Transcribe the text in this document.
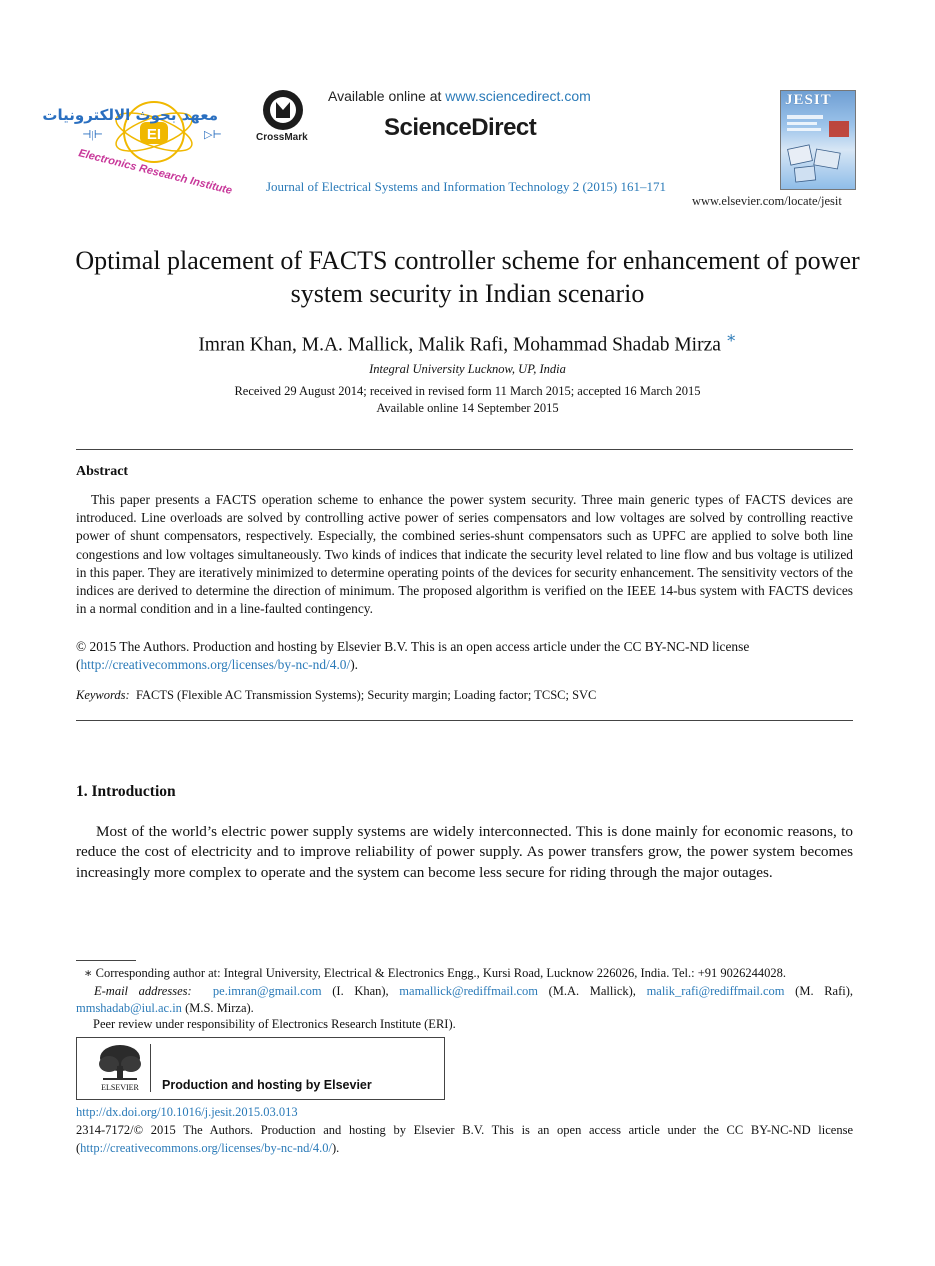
EI
⊣|⊢	▷⊢
معهد بحوث الالكترونيات
Electronics Research Institute
CrossMark
Available online at www.sciencedirect.com
ScienceDirect
Journal of Electrical Systems and Information Technology 2 (2015) 161–171
JESIT
www.elsevier.com/locate/jesit
Optimal placement of FACTS controller scheme for enhancement of power system security in Indian scenario
Imran Khan, M.A. Mallick, Malik Rafi, Mohammad Shadab Mirza ∗
Integral University Lucknow, UP, India
Received 29 August 2014; received in revised form 11 March 2015; accepted 16 March 2015
Available online 14 September 2015
Abstract
This paper presents a FACTS operation scheme to enhance the power system security. Three main generic types of FACTS devices are introduced. Line overloads are solved by controlling active power of series compensators and low voltages are solved by controlling reactive power of shunt compensators, respectively. Especially, the combined series-shunt compensators such as UPFC are applied to solve both line congestions and low voltages simultaneously. Two kinds of indices that indicate the security level related to line flow and bus voltage is utilized in this paper. They are iteratively minimized to determine operating points of the devices for security enhancement. The sensitivity vectors of the indices are derived to determine the direction of minimum. The proposed algorithm is verified on the IEEE 14-bus system with FACTS devices in a normal condition and in a line-faulted contingency.
© 2015 The Authors. Production and hosting by Elsevier B.V. This is an open access article under the CC BY-NC-ND license (http://creativecommons.org/licenses/by-nc-nd/4.0/).
Keywords: FACTS (Flexible AC Transmission Systems); Security margin; Loading factor; TCSC; SVC
1. Introduction
Most of the world’s electric power supply systems are widely interconnected. This is done mainly for economic reasons, to reduce the cost of electricity and to improve reliability of power supply. As power transfers grow, the power system becomes increasingly more complex to operate and the system can become less secure for riding through the major outages.
∗ Corresponding author at: Integral University, Electrical & Electronics Engg., Kursi Road, Lucknow 226026, India. Tel.: +91 9026244028.
E-mail addresses: pe.imran@gmail.com (I. Khan), mamallick@rediffmail.com (M.A. Mallick), malik_rafi@rediffmail.com (M. Rafi), mmshadab@iul.ac.in (M.S. Mirza).
Peer review under responsibility of Electronics Research Institute (ERI).
ELSEVIER Production and hosting by Elsevier
http://dx.doi.org/10.1016/j.jesit.2015.03.013
2314-7172/© 2015 The Authors. Production and hosting by Elsevier B.V. This is an open access article under the CC BY-NC-ND license (http://creativecommons.org/licenses/by-nc-nd/4.0/).
